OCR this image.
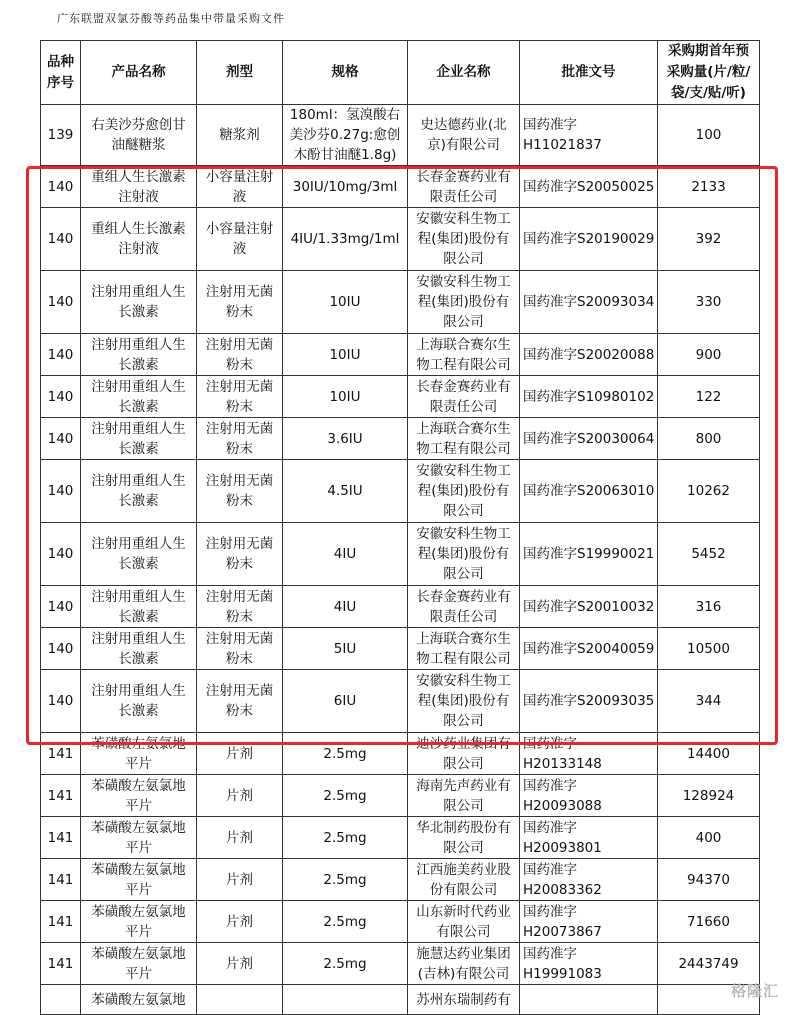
广东联盟双氯芬酸等药品集中带量采购文件
品种
序号	产品名称	剂型	规格	企业名称	批准文号	采购期首年预
采购量(片/粒/
袋/支/贴/听)
139	右美沙芬愈创甘
油醚糖浆	糖浆剂	180ml：氢溴酸右
美沙芬0.27g:愈创
木酚甘油醚1.8g)	史达德药业(北
京)有限公司	国药准字H11021837	100
140	重组人生长激素
注射液	小容量注射
液	30IU/10mg/3ml	长春金赛药业有
限责任公司	国药准字S20050025	2133
140	重组人生长激素
注射液	小容量注射
液	4IU/1.33mg/1ml	安徽安科生物工
程(集团)股份有
限公司	国药准字S20190029	392
140	注射用重组人生
长激素	注射用无菌
粉末	10IU	安徽安科生物工
程(集团)股份有
限公司	国药准字S20093034	330
140	注射用重组人生
长激素	注射用无菌
粉末	10IU	上海联合赛尔生
物工程有限公司	国药准字S20020088	900
140	注射用重组人生
长激素	注射用无菌
粉末	10IU	长春金赛药业有
限责任公司	国药准字S10980102	122
140	注射用重组人生
长激素	注射用无菌
粉末	3.6IU	上海联合赛尔生
物工程有限公司	国药准字S20030064	800
140	注射用重组人生
长激素	注射用无菌
粉末	4.5IU	安徽安科生物工
程(集团)股份有
限公司	国药准字S20063010	10262
140	注射用重组人生
长激素	注射用无菌
粉末	4IU	安徽安科生物工
程(集团)股份有
限公司	国药准字S19990021	5452
140	注射用重组人生
长激素	注射用无菌
粉末	4IU	长春金赛药业有
限责任公司	国药准字S20010032	316
140	注射用重组人生
长激素	注射用无菌
粉末	5IU	上海联合赛尔生
物工程有限公司	国药准字S20040059	10500
140	注射用重组人生
长激素	注射用无菌
粉末	6IU	安徽安科生物工
程(集团)股份有
限公司	国药准字S20093035	344
141	苯磺酸左氨氯地
平片	片剂	2.5mg	迪沙药业集团有
限公司	国药准字H20133148	14400
141	苯磺酸左氨氯地
平片	片剂	2.5mg	海南先声药业有
限公司	国药准字H20093088	128924
141	苯磺酸左氨氯地
平片	片剂	2.5mg	华北制药股份有
限公司	国药准字H20093801	400
141	苯磺酸左氨氯地
平片	片剂	2.5mg	江西施美药业股
份有限公司	国药准字H20083362	94370
141	苯磺酸左氨氯地
平片	片剂	2.5mg	山东新时代药业
有限公司	国药准字H20073867	71660
141	苯磺酸左氨氯地
平片	片剂	2.5mg	施慧达药业集团
(吉林)有限公司	国药准字H19991083	2443749
	苯磺酸左氨氯地			苏州东瑞制药有			格隆汇
